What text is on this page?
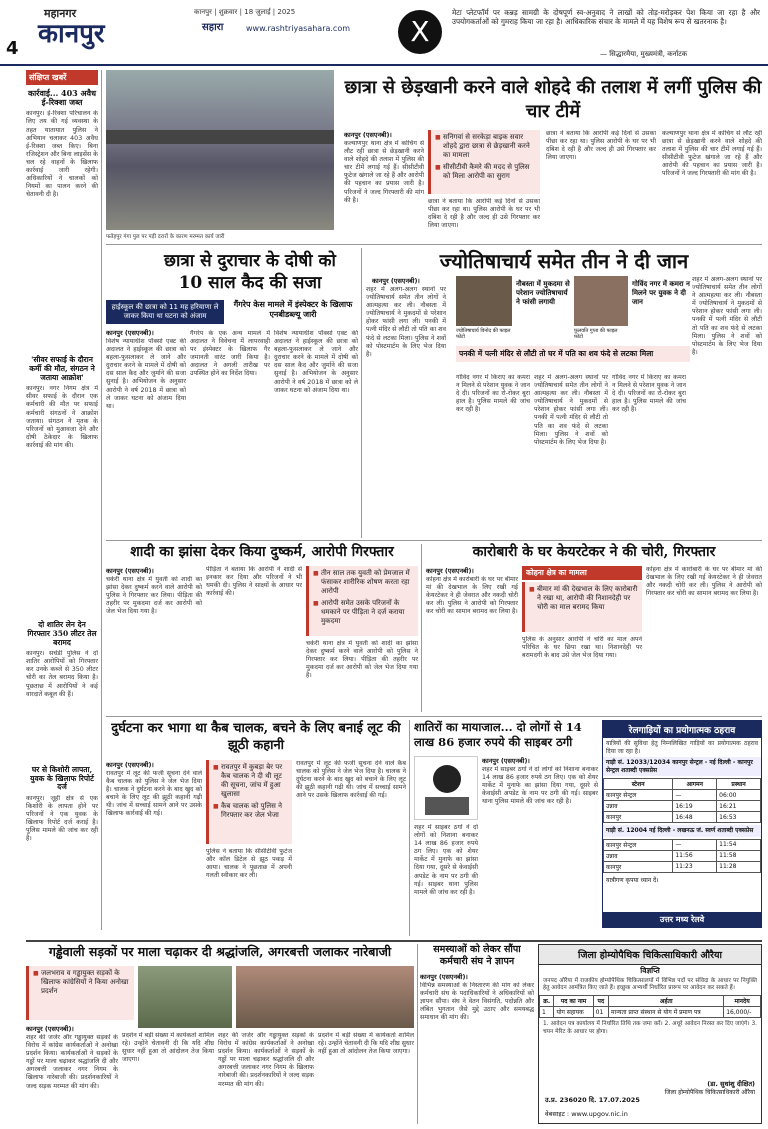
महानगर
कानपुर
4
कानपुर | शुक्रवार | 18 जुलाई | 2025
सहारा	www.rashtriyasahara.com	X
मेटा प्लेटफॉर्म पर कन्नड़ सामग्री के दोषपूर्ण स्व-अनुवाद ने लाखों को तोड़-मरोड़कर पेश किया जा रहा है और उपयोगकर्ताओं को गुमराह किया जा रहा है। आधिकारिक संचार के मामले में यह विशेष रूप से खतरनाक है।
— सिद्धारमैया, मुख्यमंत्री, कर्नाटक
संक्षिप्त खबरें
कार्रवाई... 403 अवैध ई-रिक्शा जब्त
कानपुर। ई-रिक्शा परिचालन के लिए तय की गई व्यवस्था के तहत यातायात पुलिस ने अभियान चलाकर 403 अवैध ई-रिक्शा जब्त किए। बिना रजिस्ट्रेशन और बिना लाइसेंस के चल रहे वाहनों के खिलाफ कार्रवाई जारी रहेगी। अधिकारियों ने चालकों को नियमों का पालन करने की चेतावनी दी है।
'सीवर सफाई के दौरान कर्मी की मौत, संगठन ने जताया आक्रोश'
कानपुर। नगर निगम क्षेत्र में सीवर सफाई के दौरान एक कर्मचारी की मौत पर सफाई कर्मचारी संगठनों ने आक्रोश जताया। संगठन ने मृतक के परिजनों को मुआवजा देने और दोषी ठेकेदार के खिलाफ कार्रवाई की मांग की।
दो शातिर लेन देन गिरफ्तार 350 लीटर तेल बरामद
कानपुर। सचेंडी पुलिस ने दो शातिर आरोपियों को गिरफ्तार कर उनके कब्जे से 350 लीटर चोरी का तेल बरामद किया है। पूछताछ में आरोपियों ने कई वारदातें कबूल की हैं।
घर से किशोरी लापता, युवक के खिलाफ रिपोर्ट दर्ज
कानपुर। जूही क्षेत्र से एक किशोरी के लापता होने पर परिजनों ने एक युवक के खिलाफ रिपोर्ट दर्ज कराई है। पुलिस मामले की जांच कर रही है।
फतेहपुर गंगा पुल पर पड़ी दरारों के कारण मरम्मत कार्य जारी
छात्रा से छेड़खानी करने वाले शोहदे की तलाश में लगीं पुलिस की चार टीमें
कानपुर (एसएनबी)।
कल्याणपुर थाना क्षेत्र में कोचिंग से लौट रही छात्रा से छेड़खानी करने वाले शोहदे की तलाश में पुलिस की चार टीमें लगाई गई हैं। सीसीटीवी फुटेज खंगाले जा रहे हैं और आरोपी की पहचान का प्रयास जारी है। परिजनों ने जल्द गिरफ्तारी की मांग की है।
■ सनिगवां से सरकेड़ा बाइक सवार शोहदे द्वारा छात्रा से छेड़खानी करने का मामला
■ सीसीटीवी कैमरे की मदद से पुलिस को मिला आरोपी का सुराग
छात्रा ने बताया कि आरोपी कई दिनों से उसका पीछा कर रहा था। पुलिस आरोपी के घर पर भी दबिश दे रही है और जल्द ही उसे गिरफ्तार कर लिया जाएगा।
छात्रा ने बताया कि आरोपी कई दिनों से उसका पीछा कर रहा था। पुलिस आरोपी के घर पर भी दबिश दे रही है और जल्द ही उसे गिरफ्तार कर लिया जाएगा।
कल्याणपुर थाना क्षेत्र में कोचिंग से लौट रही छात्रा से छेड़खानी करने वाले शोहदे की तलाश में पुलिस की चार टीमें लगाई गई हैं। सीसीटीवी फुटेज खंगाले जा रहे हैं और आरोपी की पहचान का प्रयास जारी है। परिजनों ने जल्द गिरफ्तारी की मांग की है।
छात्रा से दुराचार के दोषी को 10 साल कैद की सजा
हाईस्कूल की छात्रा को 11 मह हरियाणा ले जाकर किया था घटना को अंजाम
गैंगरेप केस मामले में इंस्पेक्टर के खिलाफ एनबीडब्ल्यू जारी
कानपुर (एसएनबी)।
विशेष न्यायाधीश पॉक्सो एक्ट की अदालत ने हाईस्कूल की छात्रा को बहला-फुसलाकर ले जाने और दुराचार करने के मामले में दोषी को दस साल कैद और जुर्माने की सजा सुनाई है। अभियोजन के अनुसार आरोपी ने वर्ष 2018 में छात्रा को ले जाकर घटना को अंजाम दिया था।
गैंगरेप के एक अन्य मामले में अदालत ने विवेचना में लापरवाही पर इंस्पेक्टर के खिलाफ गैर जमानती वारंट जारी किया है। अदालत ने अगली तारीख पर उपस्थित होने का निर्देश दिया।
विशेष न्यायाधीश पॉक्सो एक्ट की अदालत ने हाईस्कूल की छात्रा को बहला-फुसलाकर ले जाने और दुराचार करने के मामले में दोषी को दस साल कैद और जुर्माने की सजा सुनाई है। अभियोजन के अनुसार आरोपी ने वर्ष 2018 में छात्रा को ले जाकर घटना को अंजाम दिया था।
ज्योतिषाचार्य समेत तीन ने दी जान
कानपुर (एसएनबी)।
शहर में अलग-अलग स्थानों पर ज्योतिषाचार्य समेत तीन लोगों ने आत्महत्या कर ली। नौबस्ता में ज्योतिषाचार्य ने मुकदमों से परेशान होकर फांसी लगा ली। पनकी में पत्नी मंदिर से लौटी तो पति का शव फंदे से लटका मिला। पुलिस ने शवों को पोस्टमार्टम के लिए भेज दिया है।
ज्योतिषाचार्य विनोद की फाइल फोटो
नौबस्ता में मुकदमा से परेशान ज्योतिषाचार्य ने फांसी लगायी
फुलवति गुप्ता की फाइल फोटो
गोविंद नगर में कमरा न मिलने पर युवक ने दी जान
पनकी में पत्नी मंदिर से लौटी तो घर में पति का शव फंदे से लटका मिला
गोविंद नगर में किराए का कमरा न मिलने से परेशान युवक ने जान दे दी। परिजनों का रो-रोकर बुरा हाल है। पुलिस मामले की जांच कर रही है।
शहर में अलग-अलग स्थानों पर ज्योतिषाचार्य समेत तीन लोगों ने आत्महत्या कर ली। नौबस्ता में ज्योतिषाचार्य ने मुकदमों से परेशान होकर फांसी लगा ली। पनकी में पत्नी मंदिर से लौटी तो पति का शव फंदे से लटका मिला। पुलिस ने शवों को पोस्टमार्टम के लिए भेज दिया है।
गोविंद नगर में किराए का कमरा न मिलने से परेशान युवक ने जान दे दी। परिजनों का रो-रोकर बुरा हाल है। पुलिस मामले की जांच कर रही है।
शहर में अलग-अलग स्थानों पर ज्योतिषाचार्य समेत तीन लोगों ने आत्महत्या कर ली। नौबस्ता में ज्योतिषाचार्य ने मुकदमों से परेशान होकर फांसी लगा ली। पनकी में पत्नी मंदिर से लौटी तो पति का शव फंदे से लटका मिला। पुलिस ने शवों को पोस्टमार्टम के लिए भेज दिया है।
शादी का झांसा देकर किया दुष्कर्म, आरोपी गिरफ्तार
कानपुर (एसएनबी)।
चकेरी थाना क्षेत्र में युवती को शादी का झांसा देकर दुष्कर्म करने वाले आरोपी को पुलिस ने गिरफ्तार कर लिया। पीड़िता की तहरीर पर मुकदमा दर्ज कर आरोपी को जेल भेज दिया गया है।
पीड़िता ने बताया कि आरोपी ने शादी से इनकार कर दिया और परिजनों ने भी धमकी दी। पुलिस ने साक्ष्यों के आधार पर कार्रवाई की।
■ तीन साल तक युवती को प्रेमजाल में फंसाकर शारीरिक शोषण करता रहा आरोपी
■ आरोपी समेत उसके परिजनों के धमकाने पर पीड़िता ने दर्ज कराया मुकदमा
चकेरी थाना क्षेत्र में युवती को शादी का झांसा देकर दुष्कर्म करने वाले आरोपी को पुलिस ने गिरफ्तार कर लिया। पीड़िता की तहरीर पर मुकदमा दर्ज कर आरोपी को जेल भेज दिया गया है।
कारोबारी के घर केयरटेकर ने की चोरी, गिरफ्तार
कानपुर (एसएनबी)।
कोहना क्षेत्र में कारोबारी के घर पर बीमार मां की देखभाल के लिए रखी गई केयरटेकर ने ही जेवरात और नकदी चोरी कर ली। पुलिस ने आरोपी को गिरफ्तार कर चोरी का सामान बरामद कर लिया है।
कोहना क्षेत्र का मामला
■ बीमार मां की देखभाल के लिए कारोबारी ने रखा था, आरोपी की निशानदेही पर चोरी का माल बरामद किया
पुलिस के अनुसार आरोपी ने चोरी का माल अपने परिचित के घर छिपा रखा था। निशानदेही पर बरामदगी के बाद उसे जेल भेज दिया गया।
कोहना क्षेत्र में कारोबारी के घर पर बीमार मां की देखभाल के लिए रखी गई केयरटेकर ने ही जेवरात और नकदी चोरी कर ली। पुलिस ने आरोपी को गिरफ्तार कर चोरी का सामान बरामद कर लिया है।
दुर्घटना कर भागा था कैब चालक, बचने के लिए बनाई लूट की झूठी कहानी
कानपुर (एसएनबी)।
रावतपुर में लूट की फर्जी सूचना देने वाले कैब चालक को पुलिस ने जेल भेज दिया है। चालक ने दुर्घटना करने के बाद खुद को बचाने के लिए लूट की झूठी कहानी गढ़ी थी। जांच में सच्चाई सामने आने पर उसके खिलाफ कार्रवाई की गई।
■ रावतपुर में कुबड़ा बेर पर कैब चालक ने दी थी लूट की सूचना, जांच में हुआ खुलासा
■ कैब चालक को पुलिस ने गिरफ्तार कर जेल भेजा
पुलिस ने बताया कि सीसीटीवी फुटेज और कॉल डिटेल से झूठ पकड़ में आया। चालक ने पूछताछ में अपनी गलती स्वीकार कर ली।
रावतपुर में लूट की फर्जी सूचना देने वाले कैब चालक को पुलिस ने जेल भेज दिया है। चालक ने दुर्घटना करने के बाद खुद को बचाने के लिए लूट की झूठी कहानी गढ़ी थी। जांच में सच्चाई सामने आने पर उसके खिलाफ कार्रवाई की गई।
शातिरों का मायाजाल... दो लोगों से 14 लाख 86 हजार रुपये की साइबर ठगी
कानपुर (एसएनबी)।
शहर में साइबर ठगों ने दो लोगों को निशाना बनाकर 14 लाख 86 हजार रुपये ठग लिए। एक को शेयर मार्केट में मुनाफे का झांसा दिया गया, दूसरे से केवाईसी अपडेट के नाम पर ठगी की गई। साइबर थाना पुलिस मामले की जांच कर रही है।
शहर में साइबर ठगों ने दो लोगों को निशाना बनाकर 14 लाख 86 हजार रुपये ठग लिए। एक को शेयर मार्केट में मुनाफे का झांसा दिया गया, दूसरे से केवाईसी अपडेट के नाम पर ठगी की गई। साइबर थाना पुलिस मामले की जांच कर रही है।
रेलगाड़ियों का प्रयोगात्मक ठहराव
यात्रियों की सुविधा हेतु निम्नलिखित गाड़ियों का प्रयोगात्मक ठहराव दिया जा रहा है।
गाड़ी सं. 12033/12034 कानपुर सेन्ट्रल - नई दिल्ली - कानपुर सेन्ट्रल शताब्दी एक्सप्रेस
स्टेशन	आगमन	प्रस्थान
कानपुर सेन्ट्रल	—	06:00
उन्नाव	16:19	16:21
कानपुर	16:48	16:53
गाड़ी सं. 12004 नई दिल्ली - लखनऊ जं. स्वर्ण शताब्दी एक्सप्रेस
कानपुर सेन्ट्रल	—	11:54
उन्नाव	11:56	11:58
कानपुर	11:23	11:28
यात्रीगण कृपया ध्यान दें।
उत्तर मध्य रेलवे
गड्ढेवाली सड़कों पर माला चढ़ाकर दी श्रद्धांजलि, अगरबत्ती जलाकर नारेबाजी
■ जलभराव व गड्ढायुक्त सड़कों के खिलाफ कांग्रेसियों ने किया अनोखा प्रदर्शन
कानपुर (एसएनबी)।
शहर की जर्जर और गड्ढायुक्त सड़कों के विरोध में कांग्रेस कार्यकर्ताओं ने अनोखा प्रदर्शन किया। कार्यकर्ताओं ने सड़कों के गड्ढों पर माला चढ़ाकर श्रद्धांजलि दी और अगरबत्ती जलाकर नगर निगम के खिलाफ नारेबाजी की। प्रदर्शनकारियों ने जल्द सड़क मरम्मत की मांग की।
प्रदर्शन में बड़ी संख्या में कार्यकर्ता शामिल रहे। उन्होंने चेतावनी दी कि यदि शीघ्र सुधार नहीं हुआ तो आंदोलन तेज किया जाएगा।
शहर की जर्जर और गड्ढायुक्त सड़कों के विरोध में कांग्रेस कार्यकर्ताओं ने अनोखा प्रदर्शन किया। कार्यकर्ताओं ने सड़कों के गड्ढों पर माला चढ़ाकर श्रद्धांजलि दी और अगरबत्ती जलाकर नगर निगम के खिलाफ नारेबाजी की। प्रदर्शनकारियों ने जल्द सड़क मरम्मत की मांग की।
प्रदर्शन में बड़ी संख्या में कार्यकर्ता शामिल रहे। उन्होंने चेतावनी दी कि यदि शीघ्र सुधार नहीं हुआ तो आंदोलन तेज किया जाएगा।
समस्याओं को लेकर सौंपा कर्मचारी संघ ने ज्ञापन
कानपुर (एसएनबी)।
विभिन्न समस्याओं के निस्तारण की मांग को लेकर कर्मचारी संघ के पदाधिकारियों ने अधिकारियों को ज्ञापन सौंपा। संघ ने वेतन विसंगति, पदोन्नति और लंबित भुगतान जैसे मुद्दे उठाए और समयबद्ध समाधान की मांग की।
जिला होम्योपैथिक चिकित्साधिकारी औरैया
विज्ञप्ति
जनपद औरैया में राजकीय होम्योपैथिक चिकित्सालयों में विभिन्न पदों पर संविदा के आधार पर नियुक्ति हेतु आवेदन आमंत्रित किए जाते हैं। इच्छुक अभ्यर्थी निर्धारित प्रारूप पर आवेदन कर सकते हैं।
क्र.	पद का नाम	पद	अर्हता	मानदेय
1	योग सहायक	01	मान्यता प्राप्त संस्थान से योग में प्रमाण पत्र	16,000/-
1. आवेदन पत्र कार्यालय में निर्धारित तिथि तक जमा करें। 2. अधूरे आवेदन निरस्त कर दिए जाएंगे। 3. चयन मेरिट के आधार पर होगा।
(डा. सुधांशु दीक्षित)
जिला होम्योपैथिक चिकित्साधिकारी औरैया
उ.प्र. 236020 दि. 17.07.2025
वेबसाइट : www.upgov.nic.in
